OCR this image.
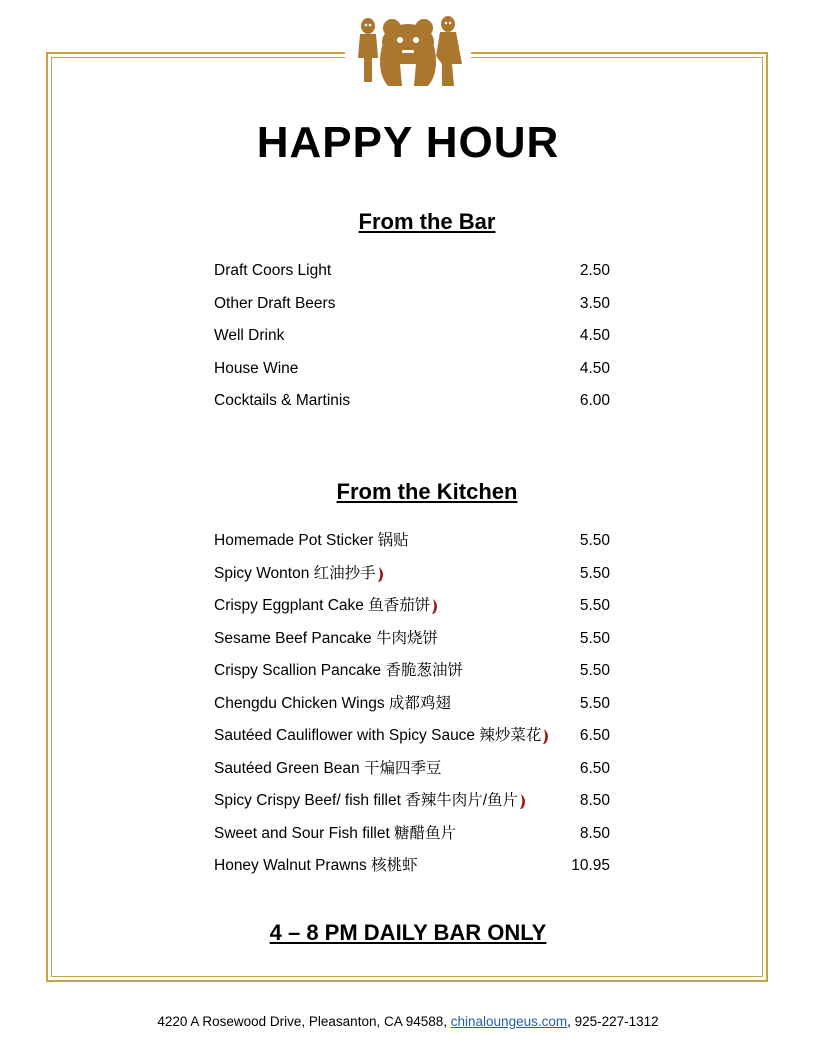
HAPPY HOUR
From the Bar
Draft Coors Light	2.50
Other Draft Beers	3.50
Well Drink	4.50
House Wine	4.50
Cocktails & Martinis	6.00
From the Kitchen
Homemade Pot Sticker 锅贴	5.50
Spicy Wonton 红油抄手	5.50
Crispy Eggplant Cake 鱼香茄饼	5.50
Sesame Beef Pancake 牛肉烧饼	5.50
Crispy Scallion Pancake 香脆葱油饼	5.50
Chengdu Chicken Wings 成都鸡翅	5.50
Sautéed Cauliflower with Spicy Sauce 辣炒菜花	6.50
Sautéed Green Bean 干煸四季豆	6.50
Spicy Crispy Beef/ fish fillet 香辣牛肉片/鱼片	8.50
Sweet and Sour Fish fillet 糖醋鱼片	8.50
Honey Walnut Prawns 核桃虾	10.95
4 – 8 PM DAILY BAR ONLY
4220 A Rosewood Drive, Pleasanton, CA 94588, chinaloungeus.com, 925-227-1312
